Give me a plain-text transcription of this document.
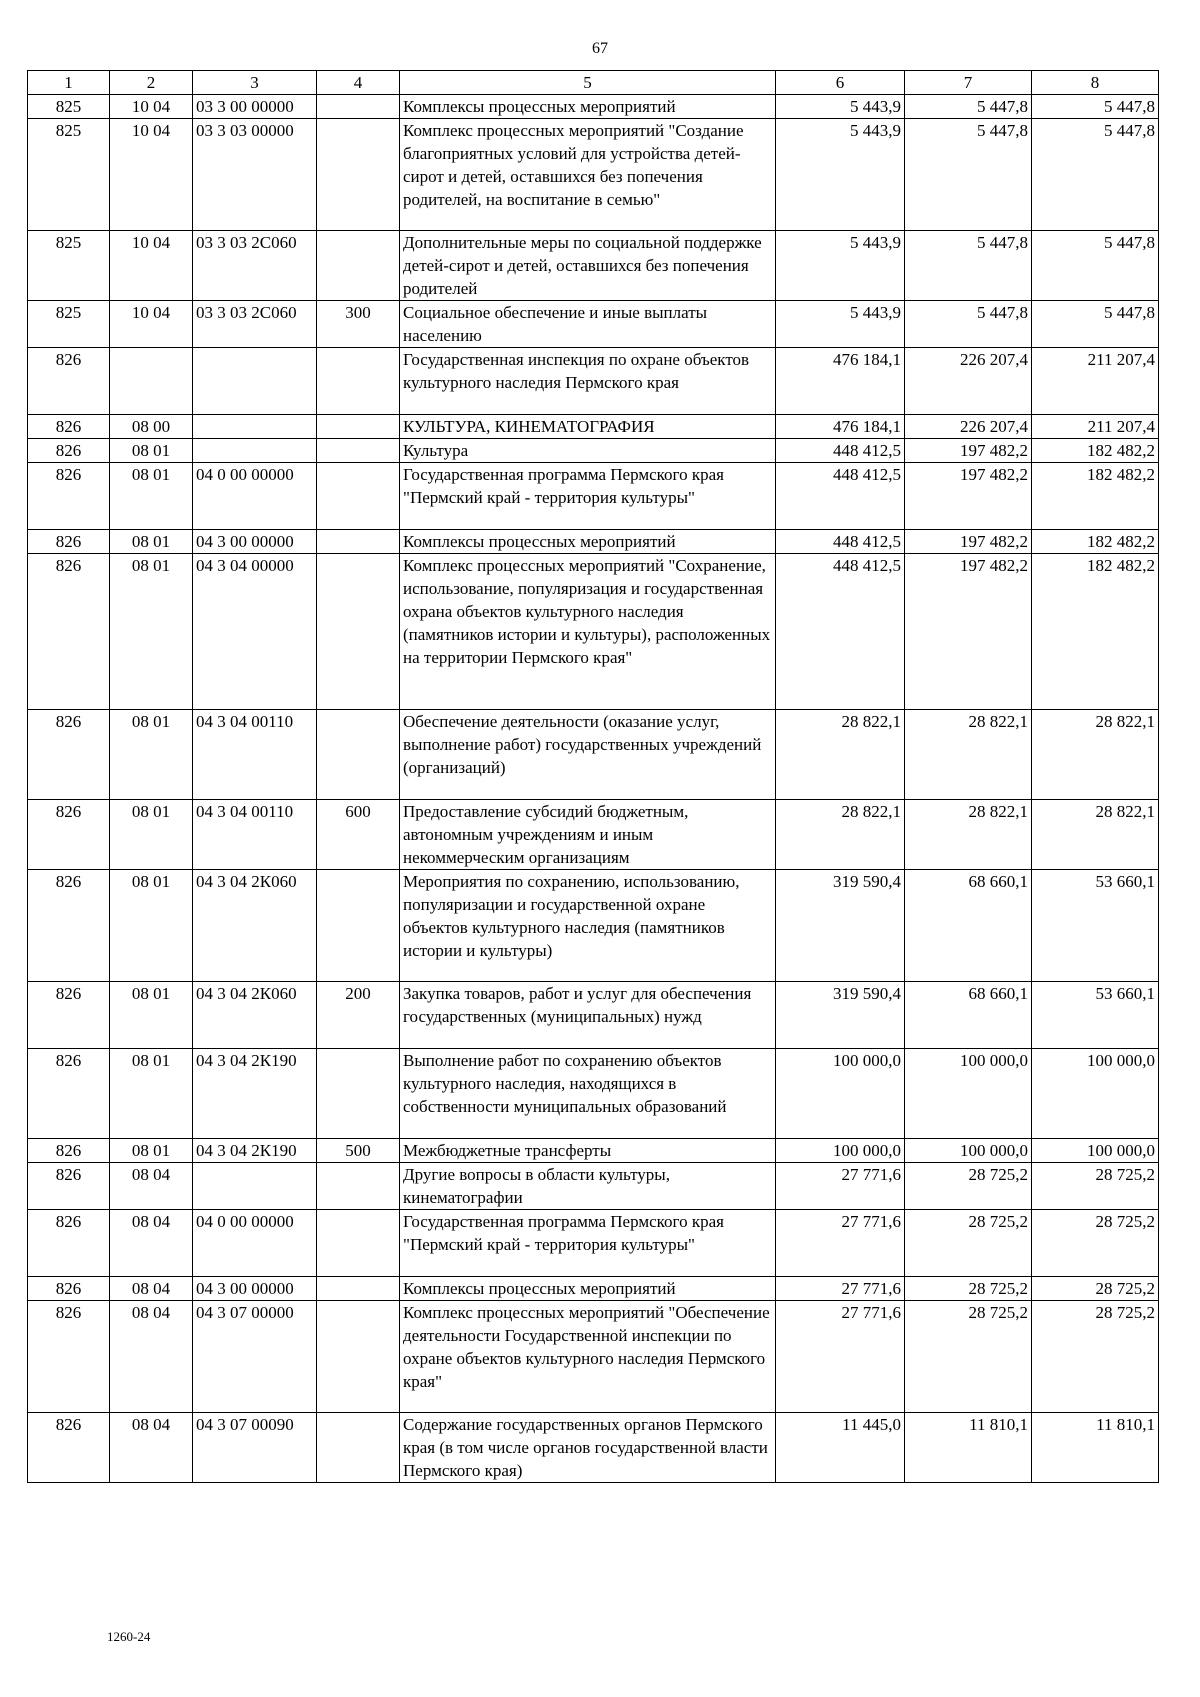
67
1	2	3	4	5	6	7	8
825	10 04	03 3 00 00000		Комплексы процессных мероприятий	5 443,9	5 447,8	5 447,8
825	10 04	03 3 03 00000		Комплекс процессных мероприятий "Создание благоприятных условий для устройства детей-сирот и детей, оставшихся без попечения родителей, на воспитание в семью"	5 443,9	5 447,8	5 447,8
825	10 04	03 3 03 2С060		Дополнительные меры по социальной поддержке детей-сирот и детей, оставшихся без попечения родителей	5 443,9	5 447,8	5 447,8
825	10 04	03 3 03 2С060	300	Социальное обеспечение и иные выплаты населению	5 443,9	5 447,8	5 447,8
826				Государственная инспекция по охране объектов культурного наследия Пермского края	476 184,1	226 207,4	211 207,4
826	08 00			КУЛЬТУРА, КИНЕМАТОГРАФИЯ	476 184,1	226 207,4	211 207,4
826	08 01			Культура	448 412,5	197 482,2	182 482,2
826	08 01	04 0 00 00000		Государственная программа Пермского края "Пермский край - территория культуры"	448 412,5	197 482,2	182 482,2
826	08 01	04 3 00 00000		Комплексы процессных мероприятий	448 412,5	197 482,2	182 482,2
826	08 01	04 3 04 00000		Комплекс процессных мероприятий "Сохранение, использование, популяризация и государственная охрана объектов культурного наследия (памятников истории и культуры), расположенных на территории Пермского края"	448 412,5	197 482,2	182 482,2
826	08 01	04 3 04 00110		Обеспечение деятельности (оказание услуг, выполнение работ) государственных учреждений (организаций)	28 822,1	28 822,1	28 822,1
826	08 01	04 3 04 00110	600	Предоставление субсидий бюджетным, автономным учреждениям и иным некоммерческим организациям	28 822,1	28 822,1	28 822,1
826	08 01	04 3 04 2К060		Мероприятия по сохранению, использованию, популяризации и государственной охране объектов культурного наследия (памятников истории и культуры)	319 590,4	68 660,1	53 660,1
826	08 01	04 3 04 2К060	200	Закупка товаров, работ и услуг для обеспечения государственных (муниципальных) нужд	319 590,4	68 660,1	53 660,1
826	08 01	04 3 04 2К190		Выполнение работ по сохранению объектов культурного наследия, находящихся в собственности муниципальных образований	100 000,0	100 000,0	100 000,0
826	08 01	04 3 04 2К190	500	Межбюджетные трансферты	100 000,0	100 000,0	100 000,0
826	08 04			Другие вопросы в области культуры, кинематографии	27 771,6	28 725,2	28 725,2
826	08 04	04 0 00 00000		Государственная программа Пермского края "Пермский край - территория культуры"	27 771,6	28 725,2	28 725,2
826	08 04	04 3 00 00000		Комплексы процессных мероприятий	27 771,6	28 725,2	28 725,2
826	08 04	04 3 07 00000		Комплекс процессных мероприятий "Обеспечение деятельности Государственной инспекции по охране объектов культурного наследия Пермского края"	27 771,6	28 725,2	28 725,2
826	08 04	04 3 07 00090		Содержание государственных органов Пермского края (в том числе органов государственной власти Пермского края)	11 445,0	11 810,1	11 810,1
1260-24
